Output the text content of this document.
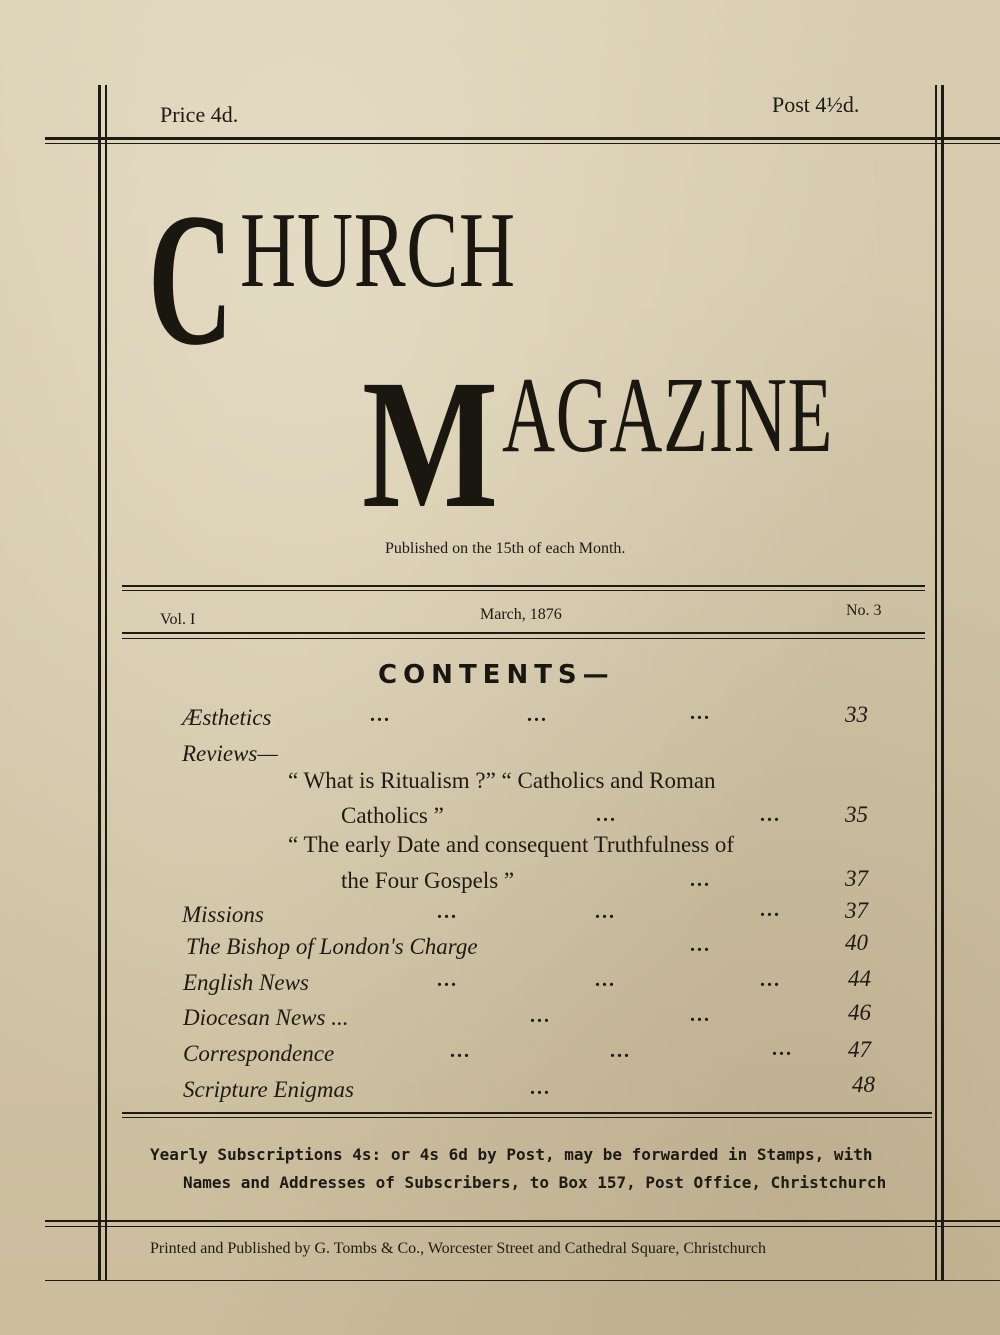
Price 4d.	Post 4½d.
CHURCH
MAGAZINE
Published on the 15th of each Month.
Vol. I	March, 1876	No. 3
CONTENTS—
Æsthetics	...	...	...	33
Reviews—
“ What is Ritualism ?” “ Catholics and Roman
Catholics ”	...	...	35
“ The early Date and consequent Truthfulness of
the Four Gospels ”	...	37
Missions	...	...	...	37
The Bishop of London's Charge	...	40
English News	...	...	...	44
Diocesan News ...	...	...	46
Correspondence	...	...	... 47
Scripture Enigmas	...	48
Yearly Subscriptions 4s: or 4s 6d by Post, may be forwarded in Stamps, with
Names and Addresses of Subscribers, to Box 157, Post Office, Christchurch
Printed and Published by G. Tombs & Co., Worcester Street and Cathedral Square, Christchurch
